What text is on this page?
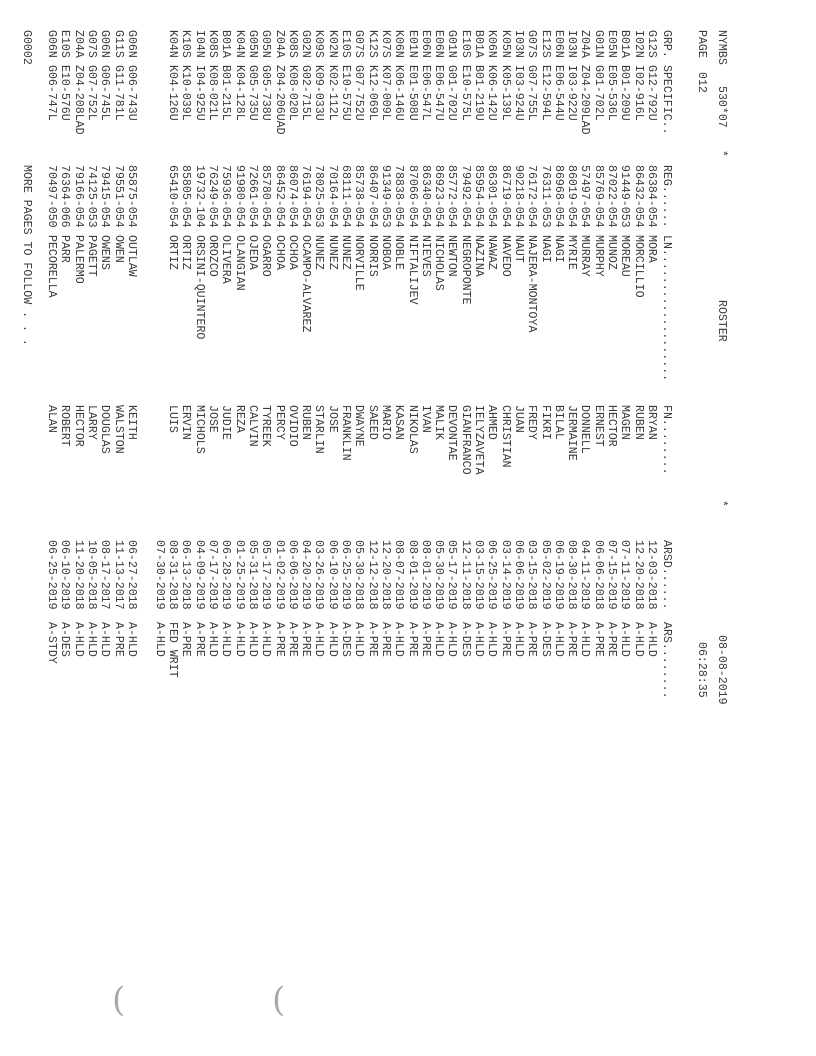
NYMBS
530*07
*
ROSTER
*
08-08-2019
PAGE
012
06:28:35
GRP.
SPECIFIC..
REG......
LN...................
FN........
ARSD......
ARS........
G12S
G12-792U
86384-054
MORA
BRYAN
12-03-2018
A-HLD
I02N
I02-916L
86432-054
MORCILLIO
RUBEN
12-20-2018
A-HLD
B01A
B01-209U
91449-053
MOREAU
MAGEN
07-11-2019
A-HLD
E05N
E05-536L
87022-054
MUNOZ
HECTOR
07-15-2019
A-PRE
G01N
G01-702L
85769-054
MURPHY
ERNEST
06-06-2018
A-PRE
Z04A
Z04-209LAD
57497-054
MURRAY
DONNELL
04-11-2019
A-HLD
I03N
I03-922U
86019-054
MYRIE
JERMAINE
08-30-2018
A-PRE
E06N
E06-544U
86968-054
NAGI
BILAL
06-19-2019
A-HLD
E12S
E12-594L
76311-053
NAGI
FIKRI
05-02-2019
A-DES
G07S
G07-755L
76172-054
NAJERA-MONTOYA
FREDY
03-15-2018
A-PRE
I03N
I03-924U
90218-054
NAUT
JUAN
06-06-2019
A-HLD
K05N
K05-139L
86719-054
NAVEDO
CHRISTIAN
03-14-2019
A-PRE
K06N
K06-142U
86301-054
NAWAZ
AHMED
06-25-2019
A-HLD
B01A
B01-219U
85954-054
NAZINA
IELYZAVETA
03-15-2019
A-HLD
E10S
E10-575L
79492-054
NEGROPONTE
GIANFRANCO
12-11-2018
A-DES
G01N
G01-702U
85772-054
NEWTON
DEVONTAE
05-17-2019
A-HLD
E06N
E06-547U
86923-054
NICHOLAS
MALIK
05-30-2019
A-HLD
E06N
E06-547L
86340-054
NIEVES
IVAN
08-01-2019
A-PRE
E01N
E01-508U
87066-054
NIFTALIJEV
NIKOLAS
08-01-2019
A-PRE
K06N
K06-146U
78838-054
NOBLE
KASAN
08-07-2019
A-HLD
K07S
K07-009L
91349-053
NOBOA
MARIO
12-20-2018
A-PRE
K12S
K12-069L
86407-054
NORRIS
SAEED
12-12-2018
A-PRE
G07S
G07-752U
85738-054
NORVILLE
DWAYNE
05-30-2018
A-HLD
E10S
E10-575U
68111-054
NUNEZ
FRANKLIN
06-25-2019
A-DES
K02N
K02-112L
70164-054
NUNEZ
JOSE
06-10-2019
A-HLD
K09S
K09-033U
78025-053
NUNEZ
STARLIN
03-26-2019
A-HLD
G02N
G02-715L
76194-054
OCAMPO-ALVAREZ
RUBEN
04-20-2019
A-PRE
K08S
K08-020L
86074-054
OCHOA
OVIDIO
06-06-2019
A-PRE
Z04A
Z04-206UAD
86452-054
OCHOA
PERCY
01-02-2019
A-PRE
G05N
G05-738U
85780-054
OGARRO
TYREEK
05-17-2019
A-HLD
G05N
G05-735U
72661-054
OJEDA
CALVIN
05-31-2018
A-HLD
K04N
K04-128L
91980-054
OLANGIAN
REZA
01-25-2019
A-HLD
B01A
B01-215L
75936-054
OLIVERA
JUDIE
06-28-2019
A-HLD
K08S
K08-021L
76249-054
OROZCO
JOSE
07-17-2019
A-HLD
I04N
I04-925U
19732-104
ORSINI-QUINTERO
MICHOLS
04-09-2019
A-PRE
K10S
K10-039L
85805-054
ORTIZ
ERVIN
06-13-2018
A-PRE
K04N
K04-126U
65410-054
ORTIZ
LUIS
08-31-2018
FED WRIT
07-30-2019
A-HLD
G06N
G06-743U
85875-054
OUTLAW
KEITH
06-27-2018
A-HLD
G11S
G11-781L
79551-054
OWEN
WALSTON
11-13-2017
A-PRE
G06N
G06-745L
79415-054
OWENS
DOUGLAS
08-17-2017
A-HLD
G07S
G07-752L
74125-053
PAGETT
LARRY
10-05-2018
A-HLD
Z04A
Z04-208LAD
79166-054
PALERMO
HECTOR
11-20-2018
A-HLD
E10S
E10-576U
76364-066
PARR
ROBERT
06-10-2019
A-DES
G06N
G06-747L
70497-050
PECORELLA
ALAN
06-25-2019
A-STDY
G0002
MORE PAGES TO FOLLOW . . .
(
(
